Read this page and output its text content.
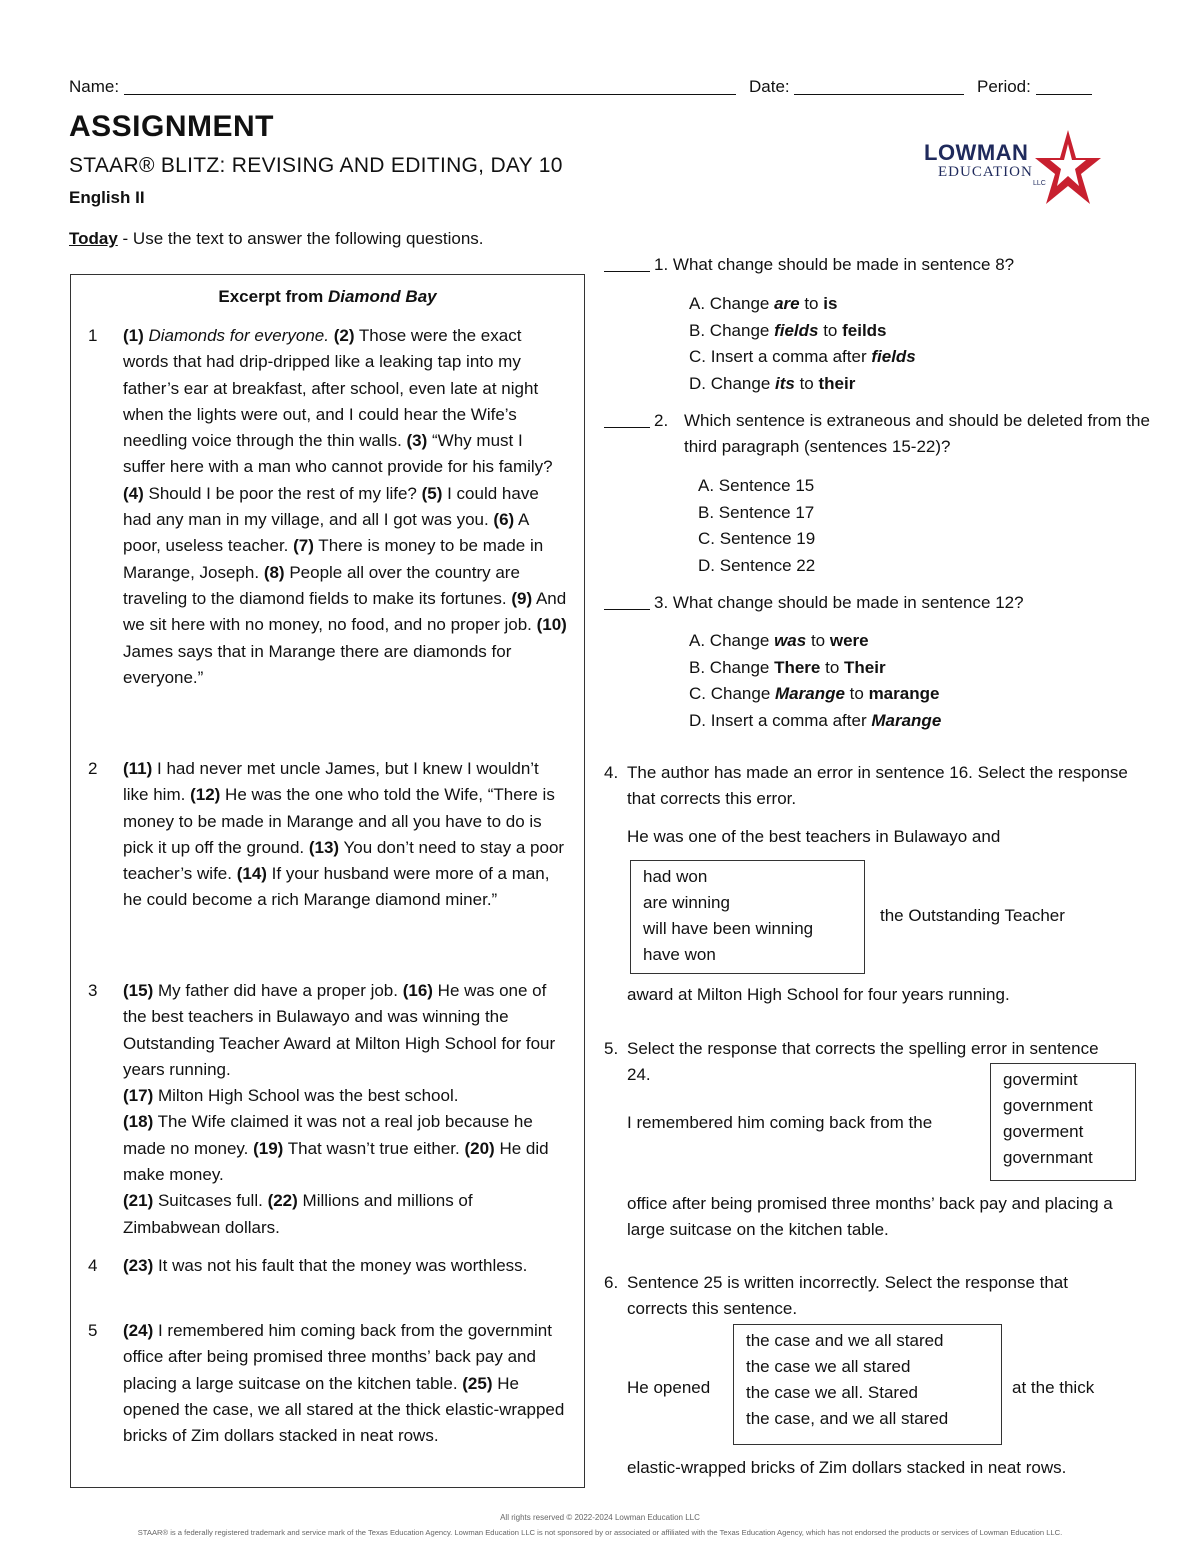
Name:	Date:	Period:
ASSIGNMENT
STAAR® BLITZ: REVISING AND EDITING, DAY 10
English II
LOWMAN
EDUCATION
LLC
Today - Use the text to answer the following questions.
Excerpt from Diamond Bay
1 (1) Diamonds for everyone. (2) Those were the exact words that had drip-dripped like a leaking tap into my father’s ear at breakfast, after school, even late at night when the lights were out, and I could hear the Wife’s needling voice through the thin walls. (3) “Why must I suffer here with a man who cannot provide for his family? (4) Should I be poor the rest of my life? (5) I could have had any man in my village, and all I got was you. (6) A poor, useless teacher. (7) There is money to be made in Marange, Joseph. (8) People all over the country are traveling to the diamond fields to make its fortunes. (9) And we sit here with no money, no food, and no proper job. (10) James says that in Marange there are diamonds for everyone.”
2 (11) I had never met uncle James, but I knew I wouldn’t like him. (12) He was the one who told the Wife, “There is money to be made in Marange and all you have to do is pick it up off the ground. (13) You don’t need to stay a poor teacher’s wife. (14) If your husband were more of a man, he could become a rich Marange diamond miner.”
3 (15) My father did have a proper job. (16) He was one of the best teachers in Bulawayo and was winning the Outstanding Teacher Award at Milton High School for four years running.
(17) Milton High School was the best school.
(18) The Wife claimed it was not a real job because he made no money. (19) That wasn’t true either. (20) He did make money.
(21) Suitcases full. (22) Millions and millions of Zimbabwean dollars.
4 (23) It was not his fault that the money was worthless.
5 (24) I remembered him coming back from the governmint office after being promised three months’ back pay and placing a large suitcase on the kitchen table. (25) He opened the case, we all stared at the thick elastic-wrapped bricks of Zim dollars stacked in neat rows.
1. What change should be made in sentence 8?
A. Change are to is
B. Change fields to feilds
C. Insert a comma after fields
D. Change its to their
2. Which sentence is extraneous and should be deleted from the third paragraph (sentences 15-22)?
A. Sentence 15
B. Sentence 17
C. Sentence 19
D. Sentence 22
3. What change should be made in sentence 12?
A. Change was to were
B. Change There to Their
C. Change Marange to marange
D. Insert a comma after Marange
4. The author has made an error in sentence 16. Select the response that corrects this error.
He was one of the best teachers in Bulawayo and
had won
are winning
will have been winning
have won
the Outstanding Teacher
award at Milton High School for four years running.
5. Select the response that corrects the spelling error in sentence 24.
I remembered him coming back from the
govermint
government
goverment
governmant
office after being promised three months’ back pay and placing a large suitcase on the kitchen table.
6. Sentence 25 is written incorrectly. Select the response that corrects this sentence.
He opened
the case and we all stared
the case we all stared
the case we all. Stared
the case, and we all stared
at the thick
elastic-wrapped bricks of Zim dollars stacked in neat rows.
All rights reserved © 2022-2024 Lowman Education LLC
STAAR® is a federally registered trademark and service mark of the Texas Education Agency. Lowman Education LLC is not sponsored by or associated or affiliated with the Texas Education Agency, which has not endorsed the products or services of Lowman Education LLC.
